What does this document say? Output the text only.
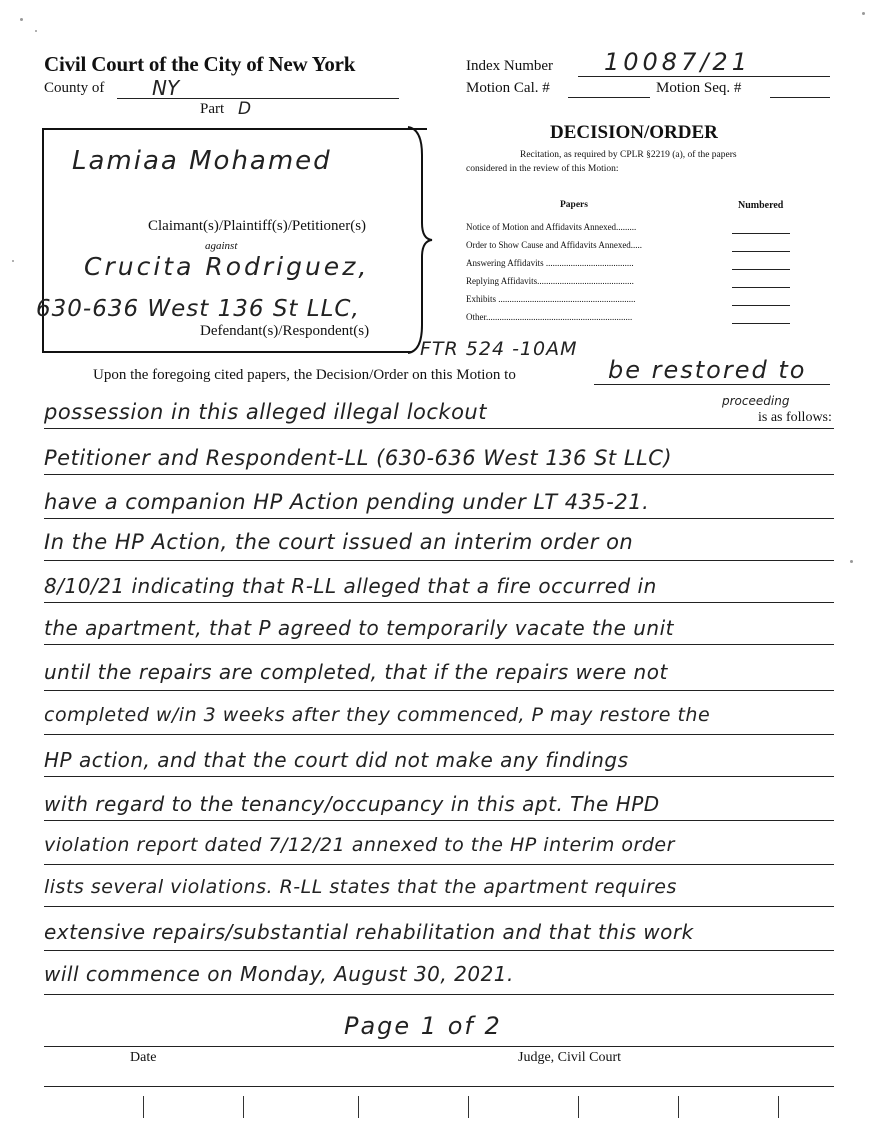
Civil Court of the City of New York
County of NY
Part D
Index Number 10087/21
Motion Cal. #	Motion Seq. #
Lamiaa Mohamed
Claimant(s)/Plaintiff(s)/Petitioner(s)
against
Crucita Rodriguez,
630-636 West 136 St LLC,
Defendant(s)/Respondent(s)
DECISION/ORDER
Recitation, as required by CPLR §2219 (a), of the papers
considered in the review of this Motion:
Papers	Numbered
Notice of Motion and Affidavits Annexed.........
Order to Show Cause and Affidavits Annexed.....
Answering Affidavits .......................................
Replying Affidavits...........................................
Exhibits .............................................................
Other.................................................................
FTR 524 -10AM
Upon the foregoing cited papers, the Decision/Order on this Motion to	be restored to
possession in this alleged illegal lockout	proceeding
is as follows:
Petitioner and Respondent-LL (630-636 West 136 St LLC)
have a companion HP Action pending under LT 435-21.
In the HP Action, the court issued an interim order on
8/10/21 indicating that R-LL alleged that a fire occurred in
the apartment, that P agreed to temporarily vacate the unit
until the repairs are completed, that if the repairs were not
completed w/in 3 weeks after they commenced, P may restore the
HP action, and that the court did not make any findings
with regard to the tenancy/occupancy in this apt. The HPD
violation report dated 7/12/21 annexed to the HP interim order
lists several violations. R-LL states that the apartment requires
extensive repairs/substantial rehabilitation and that this work
will commence on Monday, August 30, 2021.
Page 1 of 2
Date	Judge, Civil Court
